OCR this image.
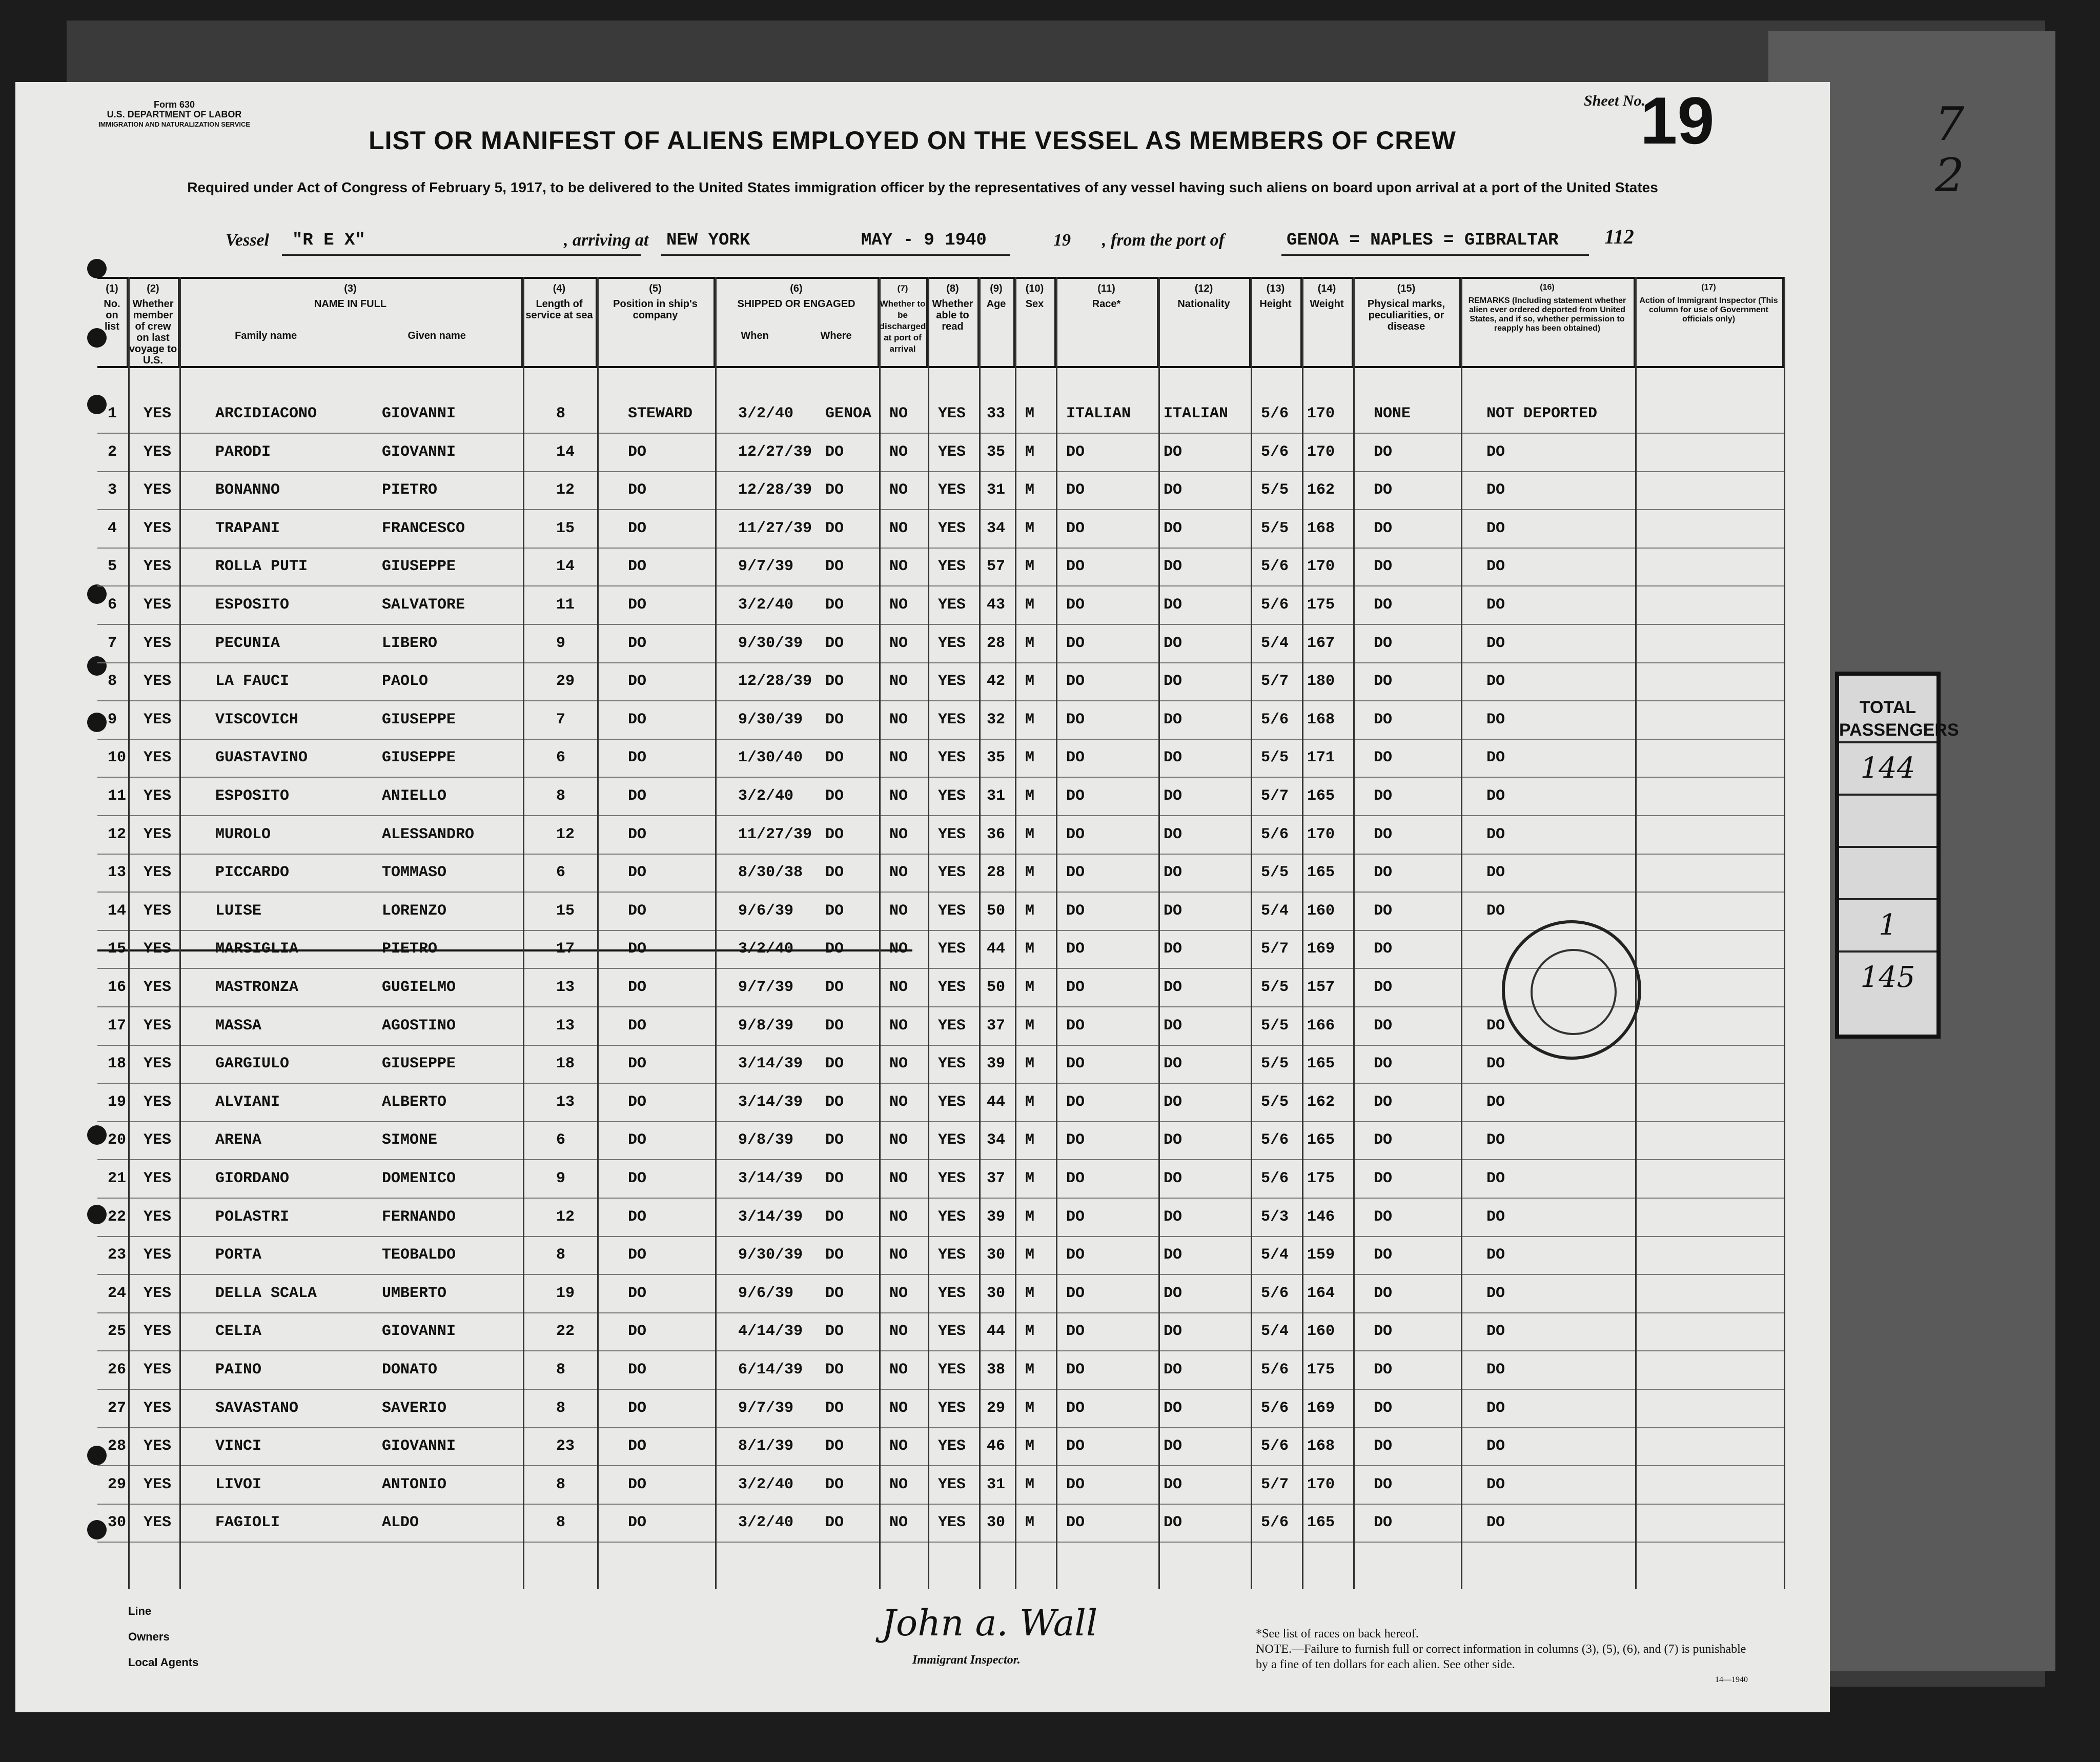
7
2
TOTAL PASSENGERS
144
1
145
Form 630
U.S. DEPARTMENT OF LABOR
IMMIGRATION AND NATURALIZATION SERVICE
Sheet No.
19
LIST OR MANIFEST OF ALIENS EMPLOYED ON THE VESSEL AS MEMBERS OF CREW
Required under Act of Congress of February 5, 1917, to be delivered to the United States immigration officer by the representatives of any vessel having such aliens on board upon arrival at a port of the United States
Vessel "R E X"	, arriving at NEW YORK	MAY - 9 1940	19 , from the port of	GENOA = NAPLES = GIBRALTAR 112
(1)
No. on list
(2)
Whether member of crew on last voyage to U.S.
(3)
NAME IN FULL
Family name	Given name
(4)
Length of service at sea
(5)
Position in ship's company
(6)
SHIPPED OR ENGAGED
When	Where
(7)
Whether to be discharged at port of arrival
(8)
Whether able to read
(9)
Age
(10)
Sex
(11)
Race*
(12)
Nationality
(13)
Height
(14)
Weight
(15)
Physical marks, peculiarities, or disease
(16)
REMARKS (Including statement whether alien ever ordered deported from United States, and if so, whether permission to reapply has been obtained)
(17)
Action of Immigrant Inspector (This column for use of Government officials only)
1 YES	ARCIDIACONO	GIOVANNI	8	STEWARD	3/2/40 GENOA NO YES 33 M ITALIAN ITALIAN 5/6 170	NONE	NOT DEPORTED
2 YES	PARODI	GIOVANNI	14	DO	12/27/39 DO	NO YES 35 M DO	DO	5/6 170	DO	DO
3 YES	BONANNO	PIETRO	12	DO	12/28/39 DO	NO YES 31 M DO	DO	5/5 162	DO	DO
4 YES	TRAPANI	FRANCESCO	15	DO	11/27/39 DO	NO YES 34 M DO	DO	5/5 168	DO	DO
5 YES	ROLLA PUTI	GIUSEPPE	14	DO	9/7/39 DO	NO YES 57 M DO	DO	5/6 170	DO	DO
6 YES	ESPOSITO	SALVATORE	11	DO	3/2/40 DO	NO YES 43 M DO	DO	5/6 175	DO	DO
7 YES	PECUNIA	LIBERO	9	DO	9/30/39 DO	NO YES 28 M DO	DO	5/4 167	DO	DO
8 YES	LA FAUCI	PAOLO	29	DO	12/28/39 DO	NO YES 42 M DO	DO	5/7 180	DO	DO
9 YES	VISCOVICH	GIUSEPPE	7	DO	9/30/39 DO	NO YES 32 M DO	DO	5/6 168	DO	DO
10 YES	GUASTAVINO	GIUSEPPE	6	DO	1/30/40 DO	NO YES 35 M DO	DO	5/5 171	DO	DO
11 YES	ESPOSITO	ANIELLO	8	DO	3/2/40 DO	NO YES 31 M DO	DO	5/7 165	DO	DO
12 YES	MUROLO	ALESSANDRO	12	DO	11/27/39 DO	NO YES 36 M DO	DO	5/6 170	DO	DO
13 YES	PICCARDO	TOMMASO	6	DO	8/30/38 DO	NO YES 28 M DO	DO	5/5 165	DO	DO
14 YES	LUISE	LORENZO	15	DO	9/6/39 DO	NO YES 50 M DO	DO	5/4 160	DO	DO
15 YES	MARSIGLIA	PIETRO	17	DO	3/2/40 DO	NO YES 44 M DO	DO	5/7 169	DO
16 YES	MASTRONZA	GUGIELMO	13	DO	9/7/39 DO	NO YES 50 M DO	DO	5/5 157	DO
17 YES	MASSA	AGOSTINO	13	DO	9/8/39 DO	NO YES 37 M DO	DO	5/5 166	DO	DO
18 YES	GARGIULO	GIUSEPPE	18	DO	3/14/39 DO	NO YES 39 M DO	DO	5/5 165	DO	DO
19 YES	ALVIANI	ALBERTO	13	DO	3/14/39 DO	NO YES 44 M DO	DO	5/5 162	DO	DO
20 YES	ARENA	SIMONE	6	DO	9/8/39 DO	NO YES 34 M DO	DO	5/6 165	DO	DO
21 YES	GIORDANO	DOMENICO	9	DO	3/14/39 DO	NO YES 37 M DO	DO	5/6 175	DO	DO
22 YES	POLASTRI	FERNANDO	12	DO	3/14/39 DO	NO YES 39 M DO	DO	5/3 146	DO	DO
23 YES	PORTA	TEOBALDO	8	DO	9/30/39 DO	NO YES 30 M DO	DO	5/4 159	DO	DO
24 YES	DELLA SCALA	UMBERTO	19	DO	9/6/39 DO	NO YES 30 M DO	DO	5/6 164	DO	DO
25 YES	CELIA	GIOVANNI	22	DO	4/14/39 DO	NO YES 44 M DO	DO	5/4 160	DO	DO
26 YES	PAINO	DONATO	8	DO	6/14/39 DO	NO YES 38 M DO	DO	5/6 175	DO	DO
27 YES	SAVASTANO	SAVERIO	8	DO	9/7/39 DO	NO YES 29 M DO	DO	5/6 169	DO	DO
28 YES	VINCI	GIOVANNI	23	DO	8/1/39 DO	NO YES 46 M DO	DO	5/6 168	DO	DO
29 YES	LIVOI	ANTONIO	8	DO	3/2/40 DO	NO YES 31 M DO	DO	5/7 170	DO	DO
30 YES	FAGIOLI	ALDO	8	DO	3/2/40 DO	NO YES 30 M DO	DO	5/6 165	DO	DO
Line
Owners
Local Agents
John a. Wall
Immigrant Inspector.
*See list of races on back hereof.
NOTE.—Failure to furnish full or correct information in columns (3), (5), (6), and (7) is punishable by a fine of ten dollars for each alien. See other side.
14—1940
